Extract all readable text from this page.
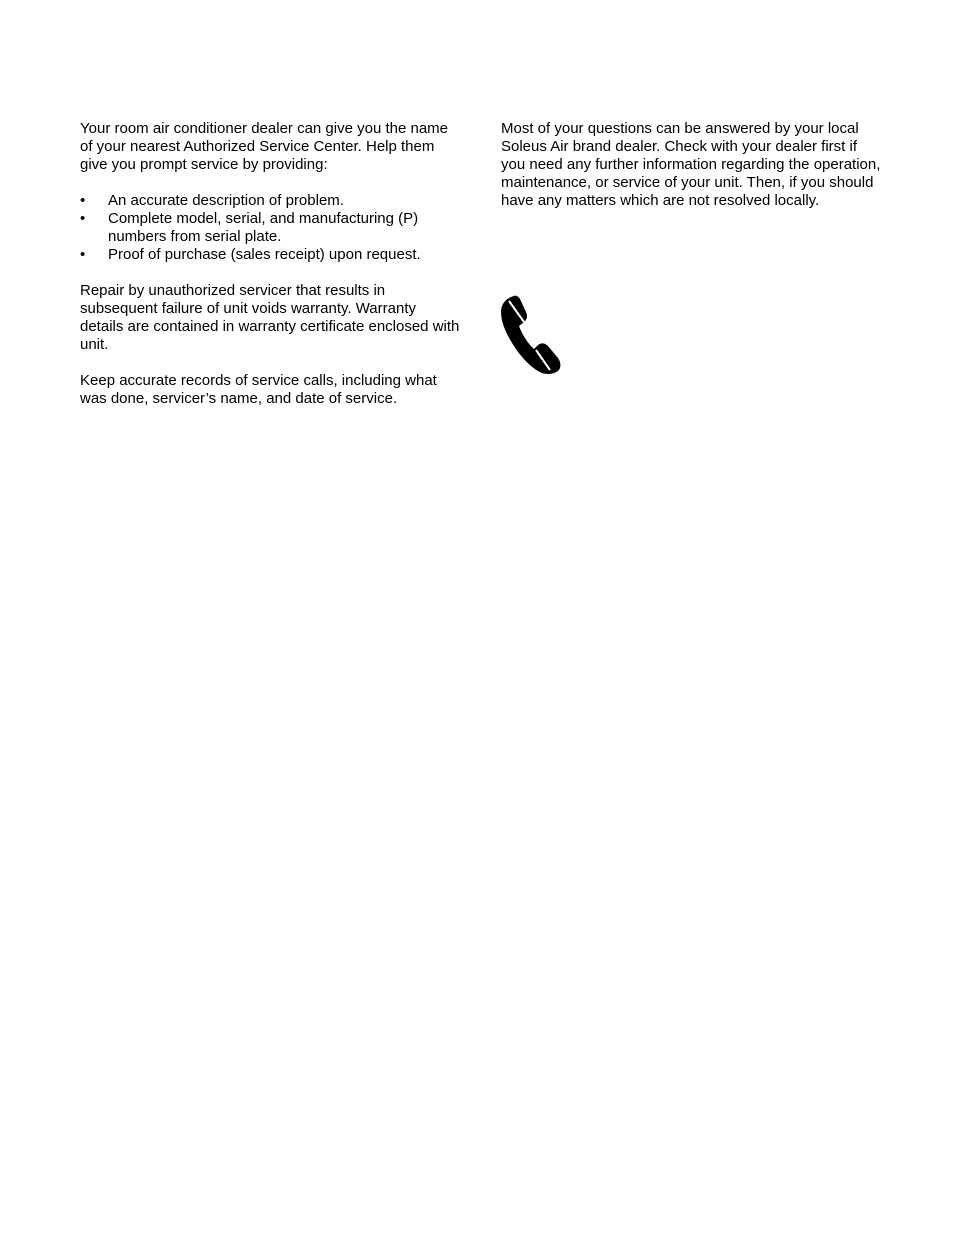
Your room air conditioner dealer can give you the name of your nearest Authorized Service Center. Help them give you prompt service by providing:

•	An accurate description of problem.
•	Complete model, serial, and manufacturing (P) numbers from serial plate.
•	Proof of purchase (sales receipt) upon request.

Repair by unauthorized servicer that results in subsequent failure of unit voids warranty. Warranty details are contained in warranty certificate enclosed with unit.

Keep accurate records of service calls, including what was done, servicer’s name, and date of service.

Most of your questions can be answered by your local Soleus Air brand dealer. Check with your dealer first if you need any further information regarding the operation, maintenance, or service of your unit. Then, if you should have any matters which are not resolved locally.
